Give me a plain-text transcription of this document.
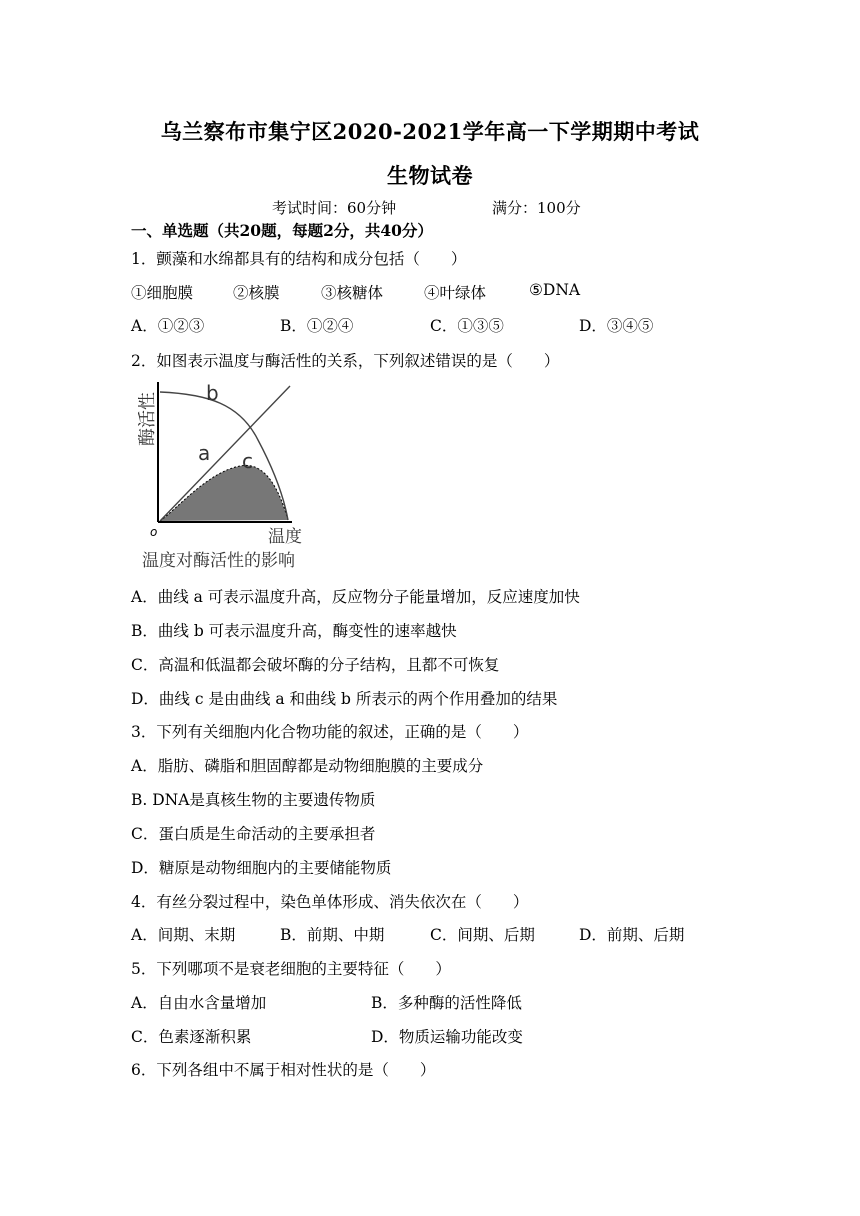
乌兰察布市集宁区2020-2021学年高一下学期期中考试
生物试卷
考试时间：60分钟	满分：100分
一、单选题（共20题，每题2分，共40分）
1．颤藻和水绵都具有的结构和成分包括（　　）
①细胞膜	②核膜	③核糖体	④叶绿体	⑤DNA
A．①②③	B．①②④	C．①③⑤	D．③④⑤
2．如图表示温度与酶活性的关系，下列叙述错误的是（　　）
b
a c
o
酶活性
温度
温度对酶活性的影响
A．曲线 a 可表示温度升高，反应物分子能量增加，反应速度加快
B．曲线 b 可表示温度升高，酶变性的速率越快
C．高温和低温都会破坏酶的分子结构，且都不可恢复
D．曲线 c 是由曲线 a 和曲线 b 所表示的两个作用叠加的结果
3．下列有关细胞内化合物功能的叙述，正确的是（　　）
A．脂肪、磷脂和胆固醇都是动物细胞膜的主要成分
B. DNA是真核生物的主要遗传物质
C．蛋白质是生命活动的主要承担者
D．糖原是动物细胞内的主要储能物质
4．有丝分裂过程中，染色单体形成、消失依次在（　　）
A．间期、末期	B．前期、中期	C．间期、后期	D．前期、后期
5．下列哪项不是衰老细胞的主要特征（　　）
A．自由水含量增加	B．多种酶的活性降低
C．色素逐渐积累	D．物质运输功能改变
6．下列各组中不属于相对性状的是（　　）
